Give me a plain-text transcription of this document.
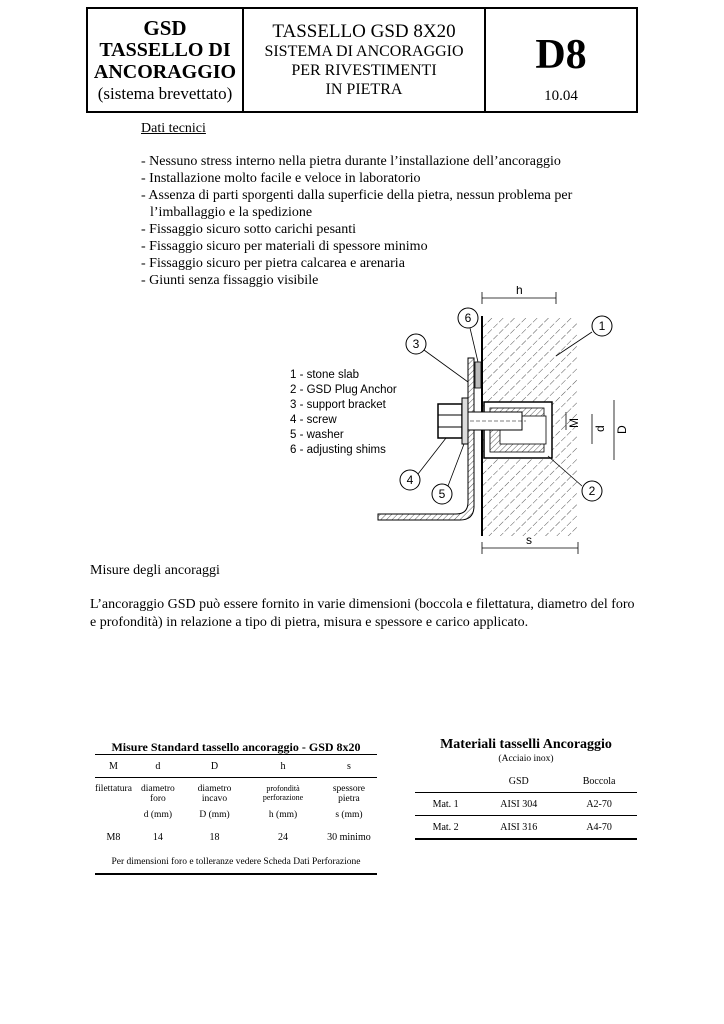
GSD
TASSELLO DI
ANCORAGGIO
(sistema brevettato)
TASSELLO GSD 8X20
SISTEMA DI ANCORAGGIO
PER RIVESTIMENTI
IN PIETRA
D8
10.04
Dati tecnici
- Nessuno stress interno nella pietra durante l’installazione dell’ancoraggio
- Installazione molto facile e veloce in laboratorio
- Assenza di parti sporgenti dalla superficie della pietra, nessun problema per l’imballaggio e la spedizione
- Fissaggio sicuro sotto carichi pesanti
- Fissaggio sicuro per materiali di spessore minimo
- Fissaggio sicuro per pietra calcarea e arenaria
- Giunti senza fissaggio visibile
h
s
M
d D
1
2
3
4
5
6
1 - stone slab
2 - GSD Plug Anchor
3 - support bracket
4 - screw
5 - washer
6 - adjusting shims
Misure degli ancoraggi

L’ancoraggio GSD può essere fornito in varie dimensioni (boccola e filettatura, diametro del foro e profondità) in relazione a tipo di pietra, misura e spessore e carico applicato.

Misure Standard tassello ancoraggio - GSD 8x20
M	d	D	h	s
filettatura	diametro foro	diametro incavo	profondità perforazione	spessore pietra
	d (mm)	D (mm)	h (mm)	s (mm)
M8	14	18	24	30 minimo
Per dimensioni foro e tolleranze vedere Scheda Dati Perforazione				
Materiali tasselli Ancoraggio
(Acciaio inox)
	GSD	Boccola
Mat. 1	AISI 304	A2-70
Mat. 2	AISI 316	A4-70
